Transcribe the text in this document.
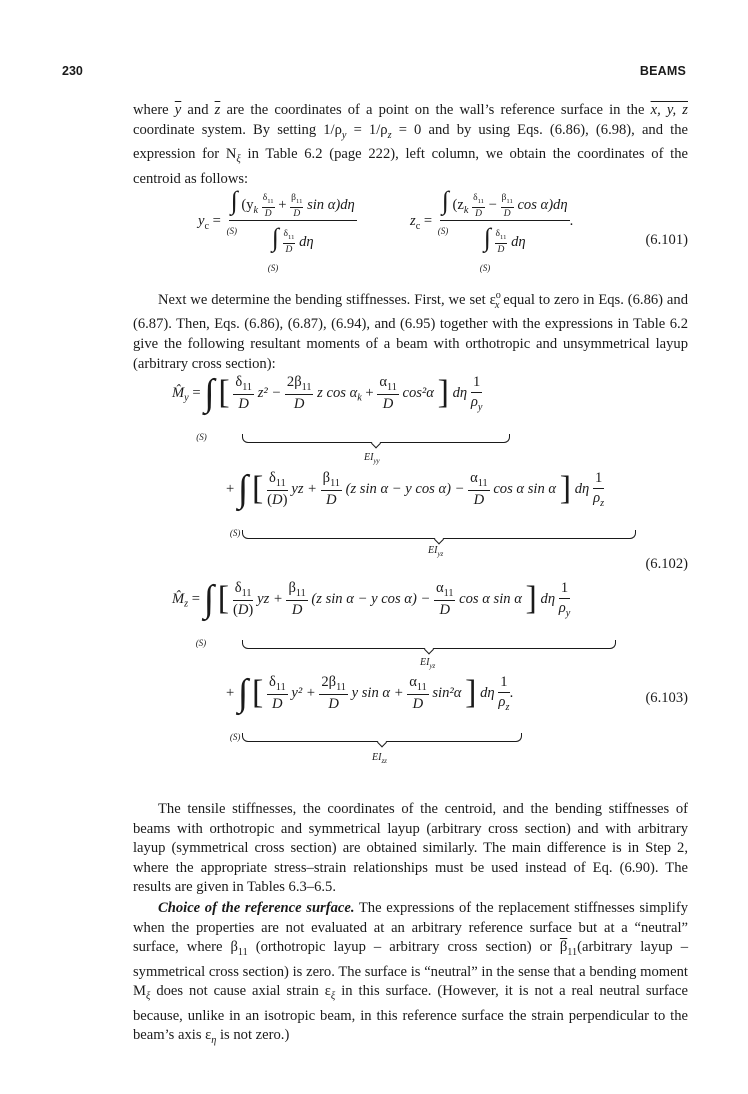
230	BEAMS

where $\overline{y}$ and $\overline{z}$ are the coordinates of a point on the wall’s reference surface in the x, y, z coordinate system. By setting $1/\rho_y = 1/\rho_z = 0$ and by using Eqs. (6.86), (6.98), and the expression for $N_\xi$ in Table 6.2 (page 222), left column, we obtain the coordinates of the centroid as follows:

$y_c$ =
∫
(S)
($y_k \frac{\delta_{11}}{D} + \frac{\beta_{11}}{D}$ sin α)dη
∫
(S)

$\frac{\delta_{11}}{D}$ dη
$z_c$ =
∫
(S)
($z_k \frac{\delta_{11}}{D} - \frac{\beta_{11}}{D}$ cos α)dη
∫
(S)

$\frac{\delta_{11}}{D}$ dη
.
(6.101)

Next we determine the bending stiffnesses. First, we set $\varepsilon^o_x$ equal to zero in Eqs. (6.86) and (6.87). Then, Eqs. (6.86), (6.87), (6.94), and (6.95) together with the expressions in Table 6.2 give the following resultant moments of a beam with orthotropic and unsymmetrical layup (arbitrary cross section):

$M̂_y$ = ∫
(S)
[ $\frac{\delta_{11}}{D} z^2 - \frac{2\beta_{11}}{D}$ z $\cos \alpha_k + \frac{\alpha_{11}}{D} \cos^2\alpha$ ] dη $\frac{1}{\rho_y}$
$EI_{yy}$
+ ∫
(S)
[ $\frac{\delta_{11}}{(D)}$ yz + $\frac{\beta_{11}}{D} (z$ sin α − y $\cos \alpha) - \frac{\alpha_{11}}{D}$ cos α sin α ] dη $\frac{1}{\rho_z}$
$EI_{yz}$
(6.102)
$M̂_z$ = ∫
(S)
[ $\frac{\delta_{11}}{(D)}$ yz + $\frac{\beta_{11}}{D} (z$ sin α − y $\cos \alpha) - \frac{\alpha_{11}}{D}$ cos α sin α ] dη $\frac{1}{\rho_y}$
$EI_{yz}$
+ ∫
(S)
[ $\frac{\delta_{11}}{D} y^2 + \frac{2\beta_{11}}{D}$ y $\sin \alpha + \frac{\alpha_{11}}{D} \sin^2\alpha$ ] dη $\frac{1}{\rho_z}$ .	(6.103)
$EI_{zz}$

The tensile stiffnesses, the coordinates of the centroid, and the bending stiffnesses of beams with orthotropic and symmetrical layup (arbitrary cross section) and with arbitrary layup (symmetrical cross section) are obtained similarly. The main difference is in Step 2, where the appropriate stress–strain relationships must be used instead of Eq. (6.90). The results are given in Tables 6.3–6.5.

Choice of the reference surface. The expressions of the replacement stiffnesses simplify when the properties are not evaluated at an arbitrary reference surface but at a “neutral” surface, where $\beta_{11}$ (orthotropic layup – arbitrary cross section) or $\overline{\beta}_{11}(arbitrary$ layup – symmetrical cross section) is zero. The surface is “neutral” in the sense that a bending moment $M_\xi$ does not cause axial strain $\varepsilon_\xi$ in this surface. (However, it is not a real neutral surface because, unlike in an isotropic beam, in this reference surface the strain perpendicular to the beam’s axis $\varepsilon_\eta$ is not zero.)
